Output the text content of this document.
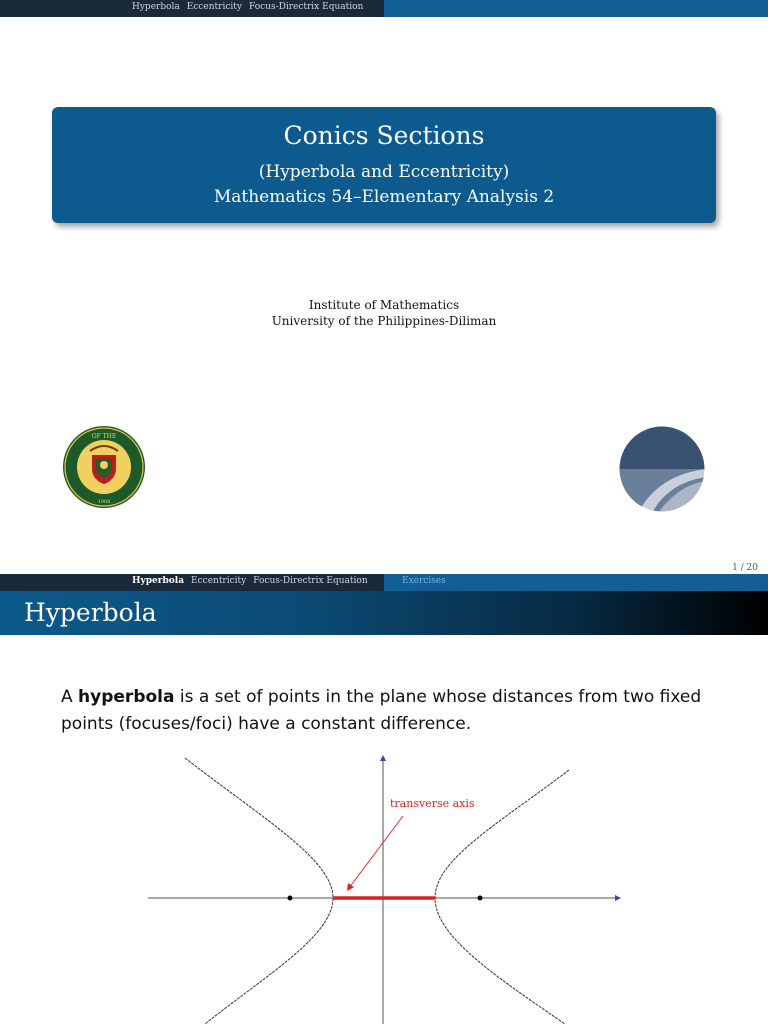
Hyperbola Eccentricity Focus-Directrix Equation
Conics Sections
(Hyperbola and Eccentricity)
Mathematics 54–Elementary Analysis 2
Institute of Mathematics
University of the Philippines-Diliman
OF THE
1908
1 / 20
Hyperbola Eccentricity Focus-Directrix Equation	Exercises
Hyperbola
A hyperbola is a set of points in the plane whose distances from two fixed points (focuses/foci) have a constant difference.
transverse axis
